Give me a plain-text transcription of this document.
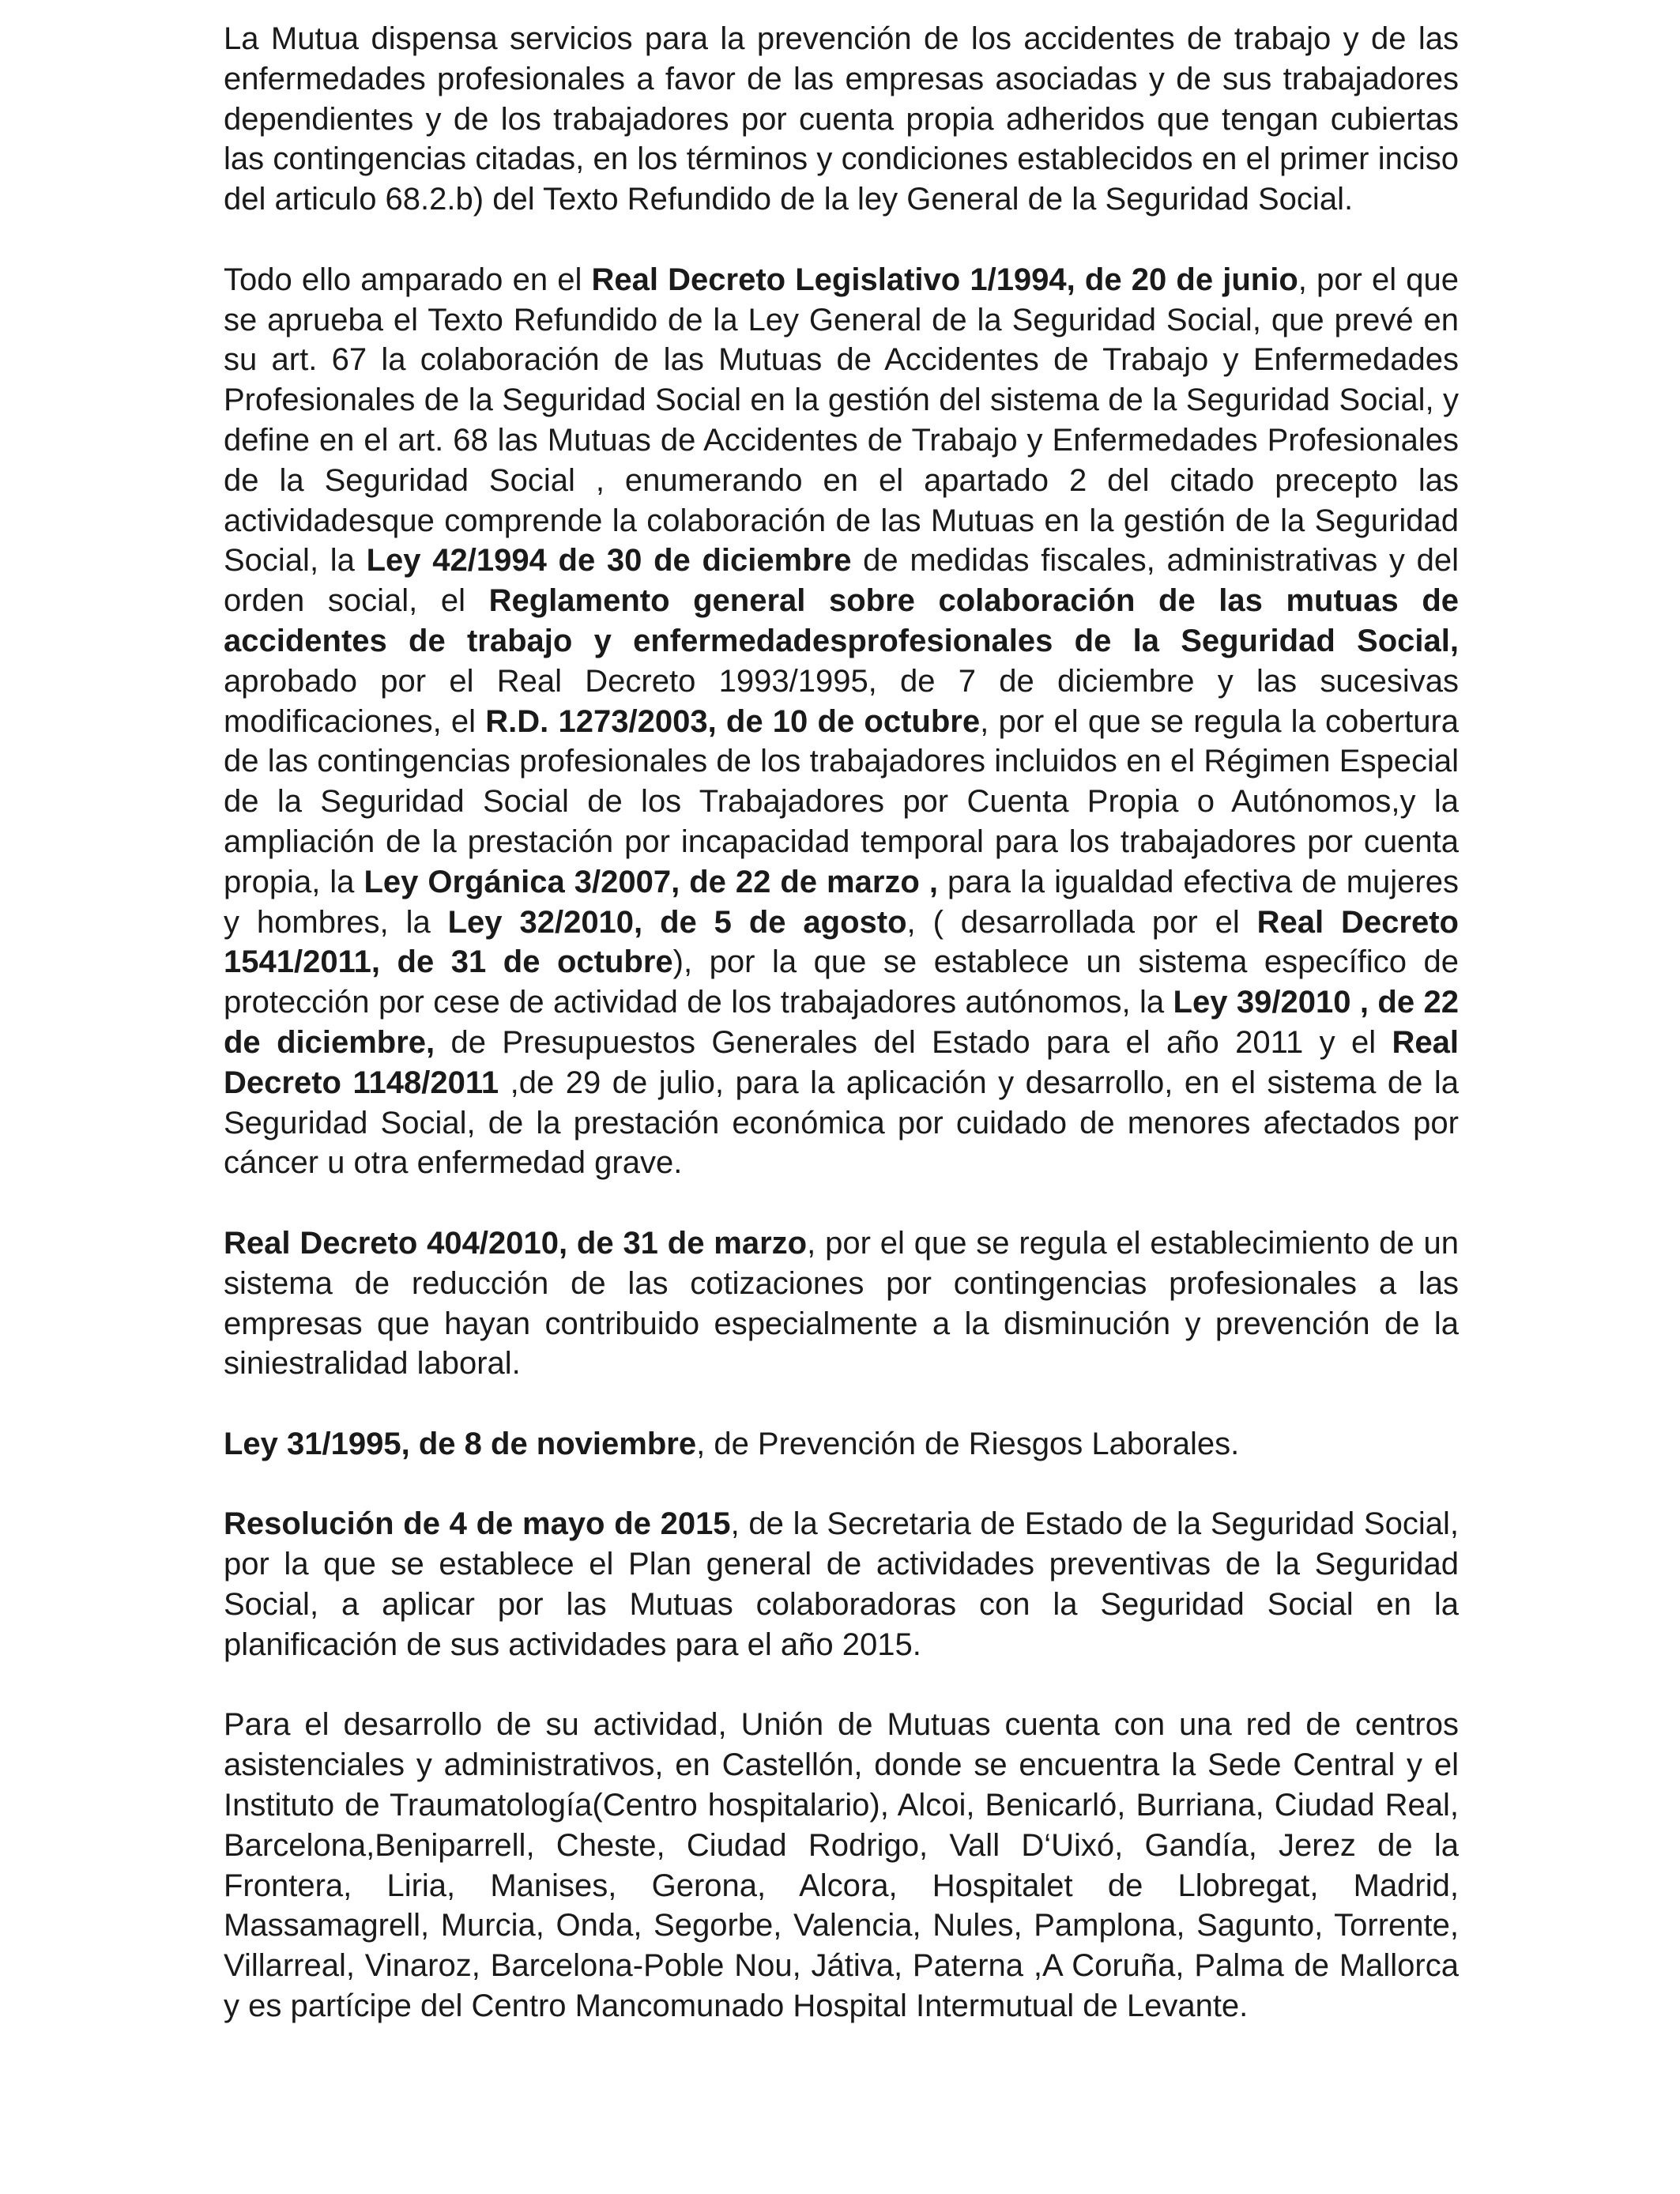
La Mutua dispensa servicios para la prevención de los accidentes de trabajo y de las enfermedades profesionales a favor de las empresas asociadas y de sus trabajadores dependientes y de los trabajadores por cuenta propia adheridos que tengan cubiertas las contingencias citadas, en los términos y condiciones establecidos en el primer inciso del articulo 68.2.b) del Texto Refundido de la ley General de la Seguridad Social.

Todo ello amparado en el Real Decreto Legislativo 1/1994, de 20 de junio, por el que se aprueba el Texto Refundido de la Ley General de la Seguridad Social, que prevé en su art. 67 la colaboración de las Mutuas de Accidentes de Trabajo y Enfermedades Profesionales de la Seguridad Social en la gestión del sistema de la Seguridad Social, y define en el art. 68 las Mutuas de Accidentes de Trabajo y Enfermedades Profesionales de la Seguridad Social , enumerando en el apartado 2 del citado precepto las actividadesque comprende la colaboración de las Mutuas en la gestión de la Seguridad Social, la Ley 42/1994 de 30 de diciembre de medidas fiscales, administrativas y del orden social, el Reglamento general sobre colaboración de las mutuas de accidentes de trabajo y enfermedadesprofesionales de la Seguridad Social, aprobado por el Real Decreto 1993/1995, de 7 de diciembre y las sucesivas modificaciones, el R.D. 1273/2003, de 10 de octubre, por el que se regula la cobertura de las contingencias profesionales de los trabajadores incluidos en el Régimen Especial de la Seguridad Social de los Trabajadores por Cuenta Propia o Autónomos,y la ampliación de la prestación por incapacidad temporal para los trabajadores por cuenta propia, la Ley Orgánica 3/2007, de 22 de marzo , para la igualdad efectiva de mujeres y hombres, la Ley 32/2010, de 5 de agosto, ( desarrollada por el Real Decreto 1541/2011, de 31 de octubre), por la que se establece un sistema específico de protección por cese de actividad de los trabajadores autónomos, la Ley 39/2010 , de 22 de diciembre, de Presupuestos Generales del Estado para el año 2011 y el Real Decreto 1148/2011 ,de 29 de julio, para la aplicación y desarrollo, en el sistema de la Seguridad Social, de la prestación económica por cuidado de menores afectados por cáncer u otra enfermedad grave.

Real Decreto 404/2010, de 31 de marzo, por el que se regula el establecimiento de un sistema de reducción de las cotizaciones por contingencias profesionales a las empresas que hayan contribuido especialmente a la disminución y prevención de la siniestralidad laboral.

Ley 31/1995, de 8 de noviembre, de Prevención de Riesgos Laborales.

Resolución de 4 de mayo de 2015, de la Secretaria de Estado de la Seguridad Social, por la que se establece el Plan general de actividades preventivas de la Seguridad Social, a aplicar por las Mutuas colaboradoras con la Seguridad Social en la planificación de sus actividades para el año 2015.

Para el desarrollo de su actividad, Unión de Mutuas cuenta con una red de centros asistenciales y administrativos, en Castellón, donde se encuentra la Sede Central y el Instituto de Traumatología(Centro hospitalario), Alcoi, Benicarló, Burriana, Ciudad Real, Barcelona,Beniparrell, Cheste, Ciudad Rodrigo, Vall D‘Uixó, Gandía, Jerez de la Frontera, Liria, Manises, Gerona, Alcora, Hospitalet de Llobregat, Madrid, Massamagrell, Murcia, Onda, Segorbe, Valencia, Nules, Pamplona, Sagunto, Torrente, Villarreal, Vinaroz, Barcelona-Poble Nou, Játiva, Paterna ,A Coruña, Palma de Mallorca y es partícipe del Centro Mancomunado Hospital Intermutual de Levante.
